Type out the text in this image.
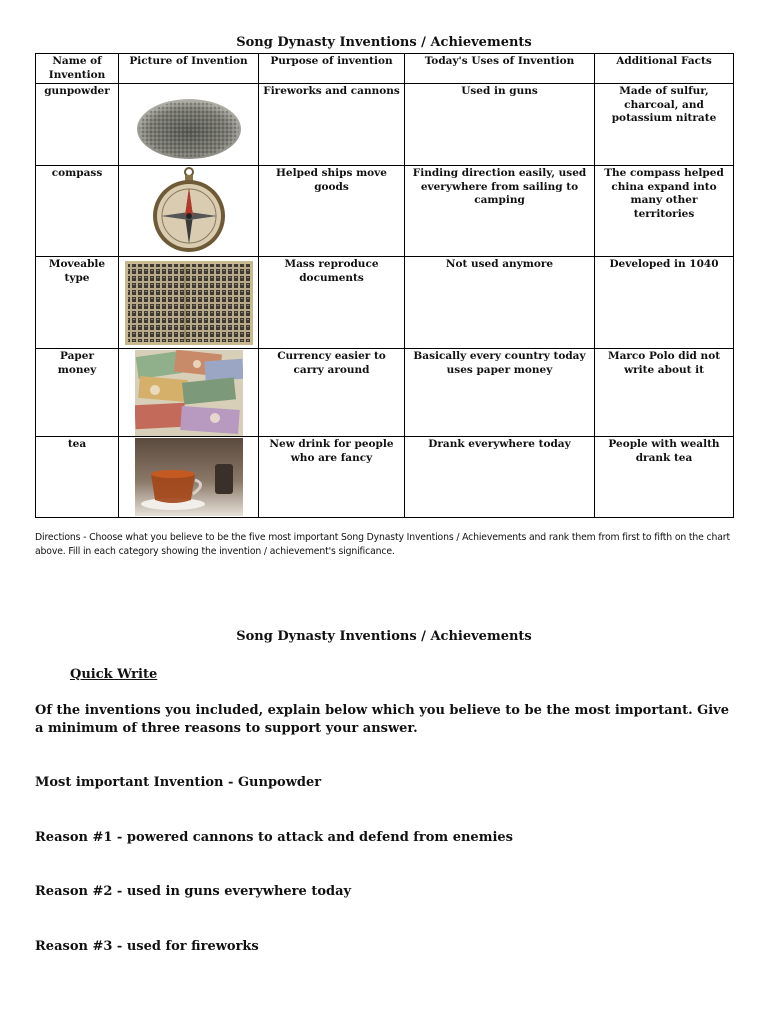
Song Dynasty Inventions / Achievements
Name of Invention	Picture of Invention	Purpose of invention	Today's Uses of Invention	Additional Facts
gunpowder		Fireworks and cannons	Used in guns	Made of sulfur, charcoal, and potassium nitrate
compass		Helped ships move goods	Finding direction easily, used everywhere from sailing to camping	The compass helped china expand into many other territories
Moveable type		Mass reproduce documents	Not used anymore	Developed in 1040
Paper money		Currency easier to carry around	Basically every country today uses paper money	Marco Polo did not write about it
tea		New drink for people who are fancy	Drank everywhere today	People with wealth drank tea
Directions - Choose what you believe to be the five most important Song Dynasty Inventions / Achievements and rank them from first to fifth on the chart above. Fill in each category showing the invention / achievement's significance.
Song Dynasty Inventions / Achievements
Quick Write
Of the inventions you included, explain below which you believe to be the most important. Give a minimum of three reasons to support your answer.
Most important Invention - Gunpowder
Reason #1 - powered cannons to attack and defend from enemies
Reason #2 - used in guns everywhere today
Reason #3 - used for fireworks
